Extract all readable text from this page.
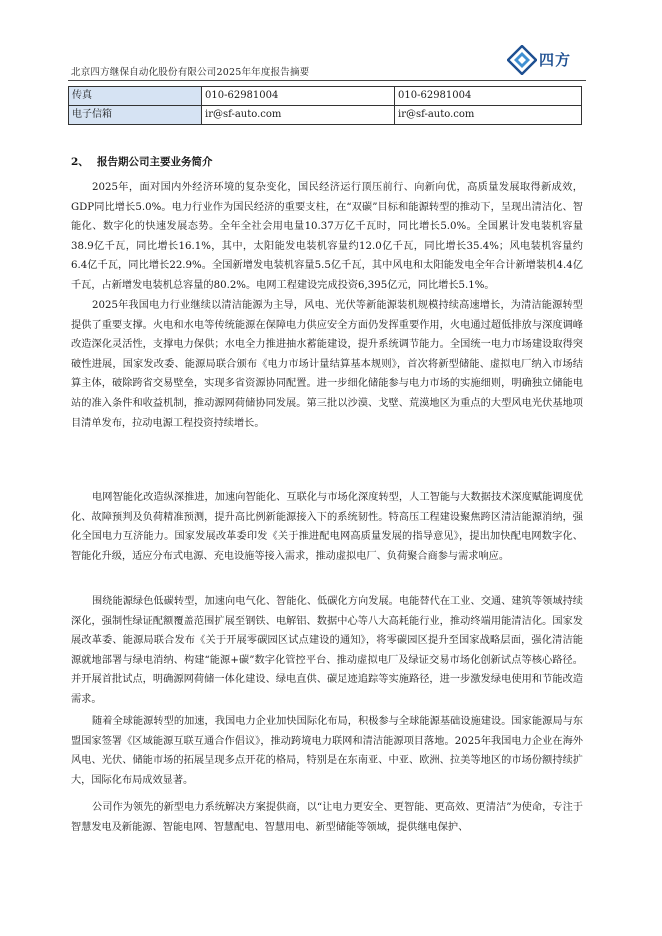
北京四方继保自动化股份有限公司2025年年度报告摘要
四方
传真	010-62981004	010-62981004
电子信箱	ir@sf-auto.com	ir@sf-auto.com
2、 报告期公司主要业务简介

2025年，面对国内外经济环境的复杂变化，国民经济运行顶压前行、向新向优，高质量发展取得新成效，GDP同比增长5.0%。电力行业作为国民经济的重要支柱，在“双碳”目标和能源转型的推动下，呈现出清洁化、智能化、数字化的快速发展态势。全年全社会用电量10.37万亿千瓦时，同比增长5.0%。全国累计发电装机容量38.9亿千瓦，同比增长16.1%，其中，太阳能发电装机容量约12.0亿千瓦，同比增长35.4%；风电装机容量约6.4亿千瓦，同比增长22.9%。全国新增发电装机容量5.5亿千瓦，其中风电和太阳能发电全年合计新增装机4.4亿千瓦，占新增发电装机总容量的80.2%。电网工程建设完成投资6,395亿元，同比增长5.1%。

2025年我国电力行业继续以清洁能源为主导，风电、光伏等新能源装机规模持续高速增长，为清洁能源转型提供了重要支撑。火电和水电等传统能源在保障电力供应安全方面仍发挥重要作用，火电通过超低排放与深度调峰改造深化灵活性，支撑电力保供；水电全力推进抽水蓄能建设，提升系统调节能力。全国统一电力市场建设取得突破性进展，国家发改委、能源局联合颁布《电力市场计量结算基本规则》，首次将新型储能、虚拟电厂纳入市场结算主体，破除跨省交易壁垒，实现多省资源协同配置。进一步细化储能参与电力市场的实施细则，明确独立储能电站的准入条件和收益机制，推动源网荷储协同发展。第三批以沙漠、戈壁、荒漠地区为重点的大型风电光伏基地项目清单发布，拉动电源工程投资持续增长。

电网智能化改造纵深推进，加速向智能化、互联化与市场化深度转型，人工智能与大数据技术深度赋能调度优化、故障预判及负荷精准预测，提升高比例新能源接入下的系统韧性。特高压工程建设聚焦跨区清洁能源消纳，强化全国电力互济能力。国家发展改革委印发《关于推进配电网高质量发展的指导意见》，提出加快配电网数字化、智能化升级，适应分布式电源、充电设施等接入需求，推动虚拟电厂、负荷聚合商参与需求响应。

围绕能源绿色低碳转型，加速向电气化、智能化、低碳化方向发展。电能替代在工业、交通、建筑等领域持续深化，强制性绿证配额覆盖范围扩展至钢铁、电解铝、数据中心等八大高耗能行业，推动终端用能清洁化。国家发展改革委、能源局联合发布《关于开展零碳园区试点建设的通知》，将零碳园区提升至国家战略层面，强化清洁能源就地部署与绿电消纳、构建“能源+碳”数字化管控平台、推动虚拟电厂及绿证交易市场化创新试点等核心路径。并开展首批试点，明确源网荷储一体化建设、绿电直供、碳足迹追踪等实施路径，进一步激发绿电使用和节能改造需求。

随着全球能源转型的加速，我国电力企业加快国际化布局，积极参与全球能源基础设施建设。国家能源局与东盟国家签署《区域能源互联互通合作倡议》，推动跨境电力联网和清洁能源项目落地。2025年我国电力企业在海外风电、光伏、储能市场的拓展呈现多点开花的格局，特别是在东南亚、中亚、欧洲、拉美等地区的市场份额持续扩大，国际化布局成效显著。

公司作为领先的新型电力系统解决方案提供商，以“让电力更安全、更智能、更高效、更清洁”为使命，专注于智慧发电及新能源、智能电网、智慧配电、智慧用电、新型储能等领域，提供继电保护、
